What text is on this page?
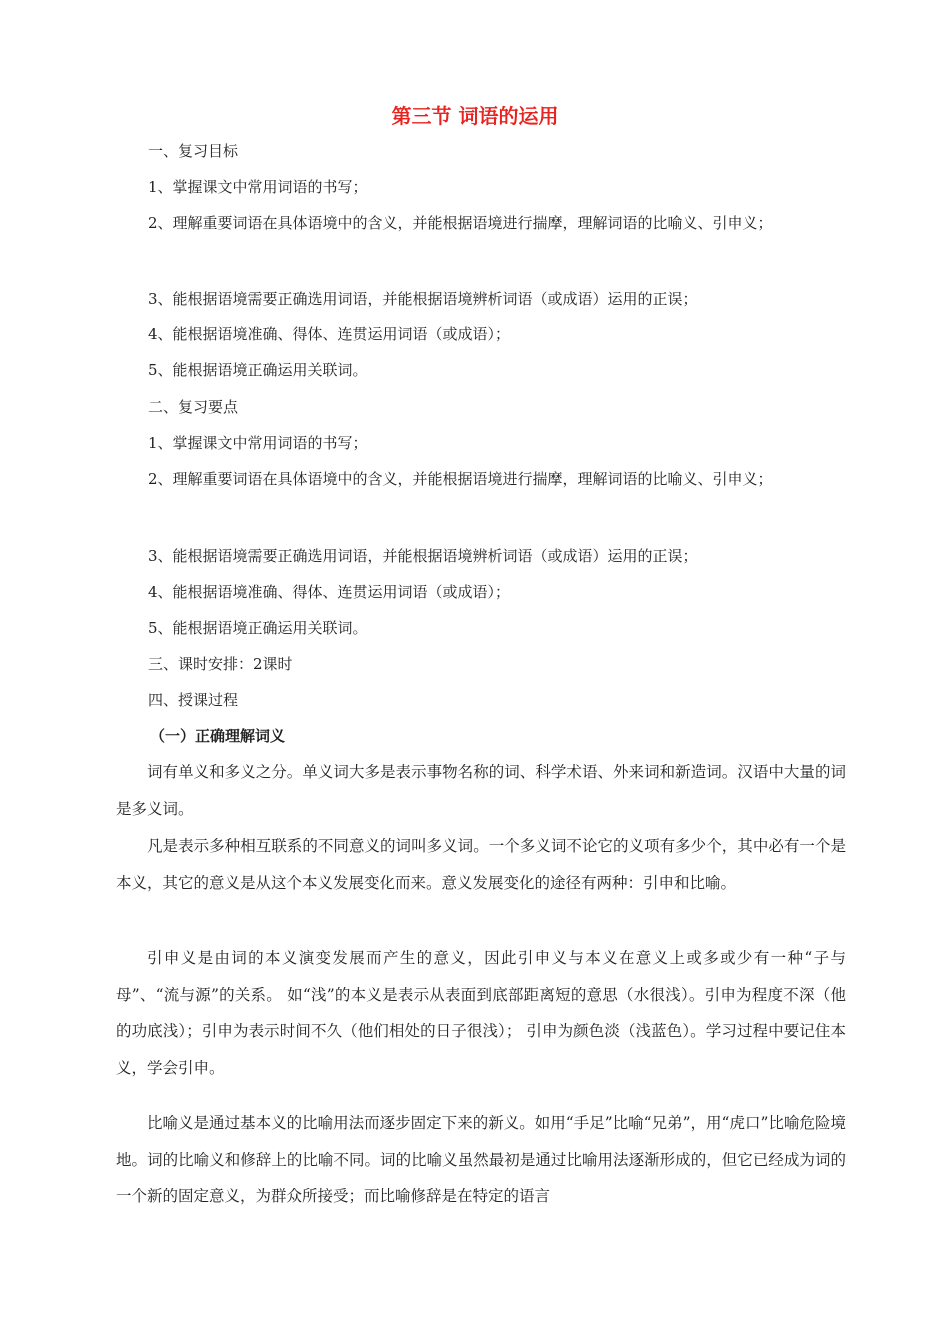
第三节 词语的运用
一、复习目标
1、掌握课文中常用词语的书写；
2、理解重要词语在具体语境中的含义，并能根据语境进行揣摩，理解词语的比喻义、引申义；
3、能根据语境需要正确选用词语，并能根据语境辨析词语（或成语）运用的正误；
4、能根据语境准确、得体、连贯运用词语（或成语）；
5、能根据语境正确运用关联词。
二、复习要点
1、掌握课文中常用词语的书写；
2、理解重要词语在具体语境中的含义，并能根据语境进行揣摩，理解词语的比喻义、引申义；
3、能根据语境需要正确选用词语，并能根据语境辨析词语（或成语）运用的正误；
4、能根据语境准确、得体、连贯运用词语（或成语）；
5、能根据语境正确运用关联词。
三、课时安排：2课时
四、授课过程
（一）正确理解词义

词有单义和多义之分。单义词大多是表示事物名称的词、科学术语、外来词和新造词。汉语中大量的词是多义词。

凡是表示多种相互联系的不同意义的词叫多义词。一个多义词不论它的义项有多少个，其中必有一个是本义，其它的意义是从这个本义发展变化而来。意义发展变化的途径有两种：引申和比喻。

引申义是由词的本义演变发展而产生的意义，因此引申义与本义在意义上或多或少有一种“子与母”、“流与源”的关系。 如“浅”的本义是表示从表面到底部距离短的意思（水很浅）。引申为程度不深（他的功底浅）；引申为表示时间不久（他们相处的日子很浅）； 引申为颜色淡（浅蓝色）。学习过程中要记住本义，学会引申。

比喻义是通过基本义的比喻用法而逐步固定下来的新义。如用“手足”比喻“兄弟”，用“虎口”比喻危险境地。词的比喻义和修辞上的比喻不同。词的比喻义虽然最初是通过比喻用法逐渐形成的，但它已经成为词的一个新的固定意义，为群众所接受；而比喻修辞是在特定的语言
